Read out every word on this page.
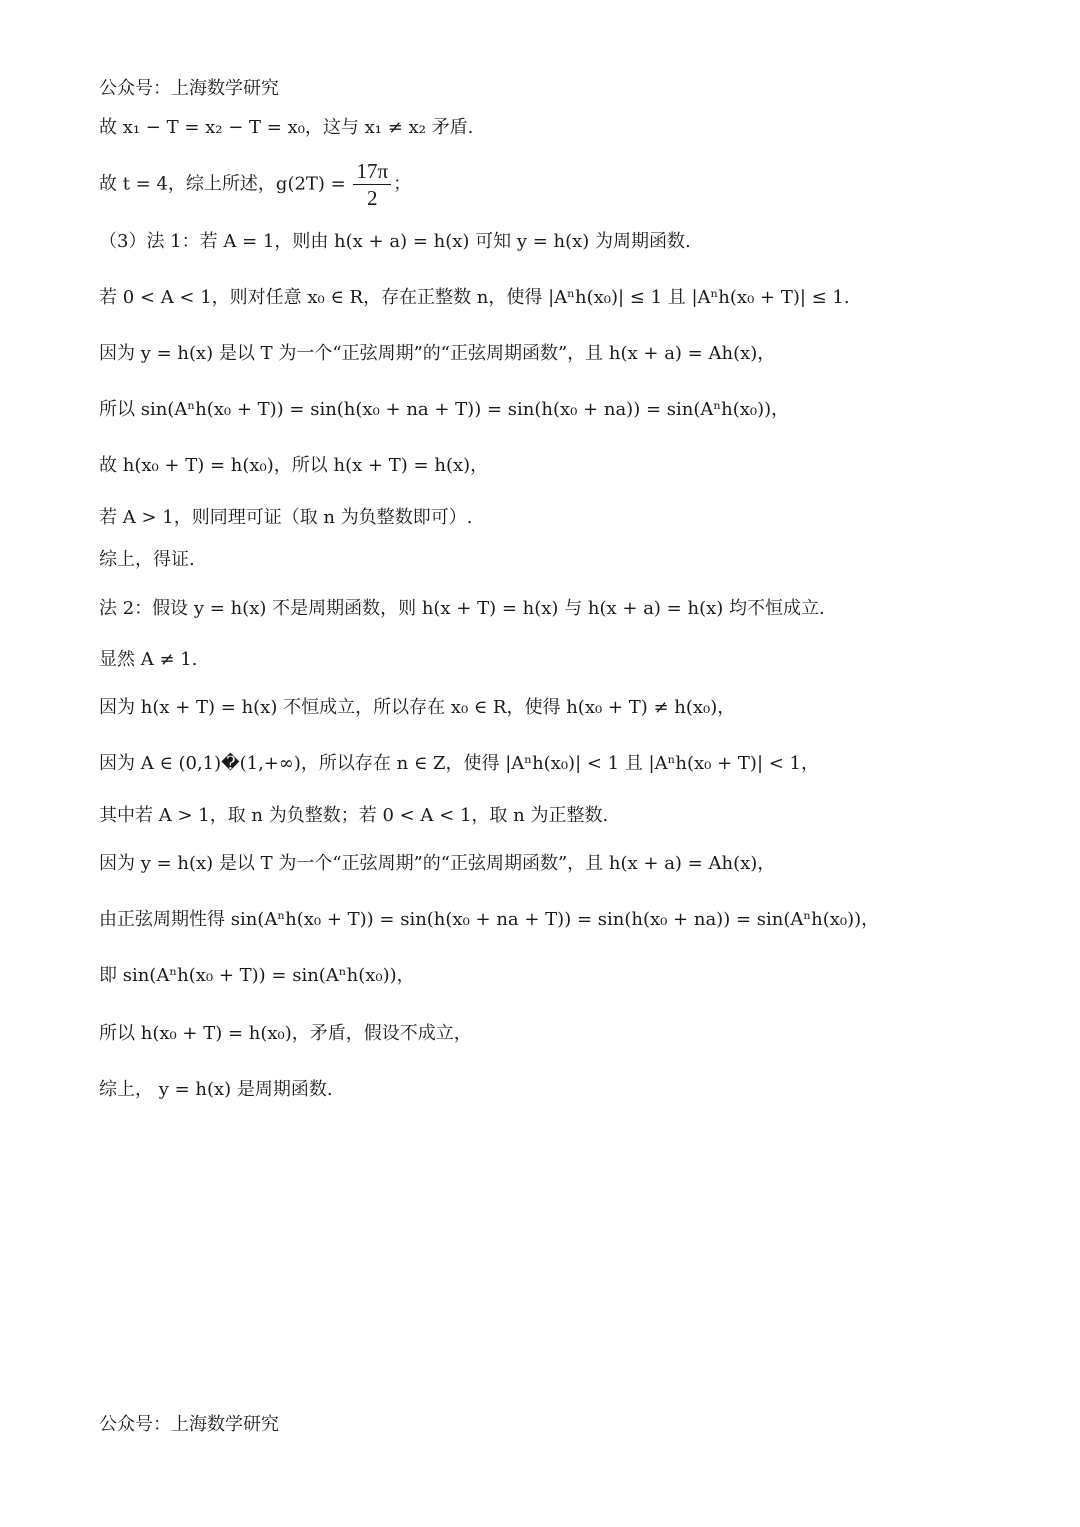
公众号：上海数学研究
故 x₁ − T = x₂ − T = x₀，这与 x₁ ≠ x₂ 矛盾.
故 t = 4，综上所述，$g(2T) = \frac{17\pi}{2}$ ；
（3）法 1：若 A = 1，则由 h(x + a) = h(x) 可知 y = h(x) 为周期函数.
若 0 < A < 1，则对任意 x₀ ∈ R，存在正整数 n，使得 |Aⁿh(x₀)| ≤ 1 且 |Aⁿh(x₀ + T)| ≤ 1.
因为 y = h(x) 是以 T 为一个“正弦周期”的“正弦周期函数”，且 h(x + a) = Ah(x)，
所以 sin(Aⁿh(x₀ + T)) = sin(h(x₀ + na + T)) = sin(h(x₀ + na)) = sin(Aⁿh(x₀))，
故 h(x₀ + T) = h(x₀)，所以 h(x + T) = h(x)，
若 A > 1，则同理可证（取 n 为负整数即可）.
综上，得证.
法 2：假设 y = h(x) 不是周期函数，则 h(x + T) = h(x) 与 h(x + a) = h(x) 均不恒成立.
显然 A ≠ 1.
因为 h(x + T) = h(x) 不恒成立，所以存在 x₀ ∈ R，使得 h(x₀ + T) ≠ h(x₀)，
因为 A ∈ (0,1)�(1,+∞)，所以存在 n ∈ Z，使得 |Aⁿh(x₀)| < 1 且 |Aⁿh(x₀ + T)| < 1，
其中若 A > 1，取 n 为负整数；若 0 < A < 1，取 n 为正整数.
因为 y = h(x) 是以 T 为一个“正弦周期”的“正弦周期函数”，且 h(x + a) = Ah(x)，
由正弦周期性得 sin(Aⁿh(x₀ + T)) = sin(h(x₀ + na + T)) = sin(h(x₀ + na)) = sin(Aⁿh(x₀))，
即 sin(Aⁿh(x₀ + T)) = sin(Aⁿh(x₀))，
所以 h(x₀ + T) = h(x₀)，矛盾，假设不成立，
综上， y = h(x) 是周期函数.
公众号：上海数学研究
